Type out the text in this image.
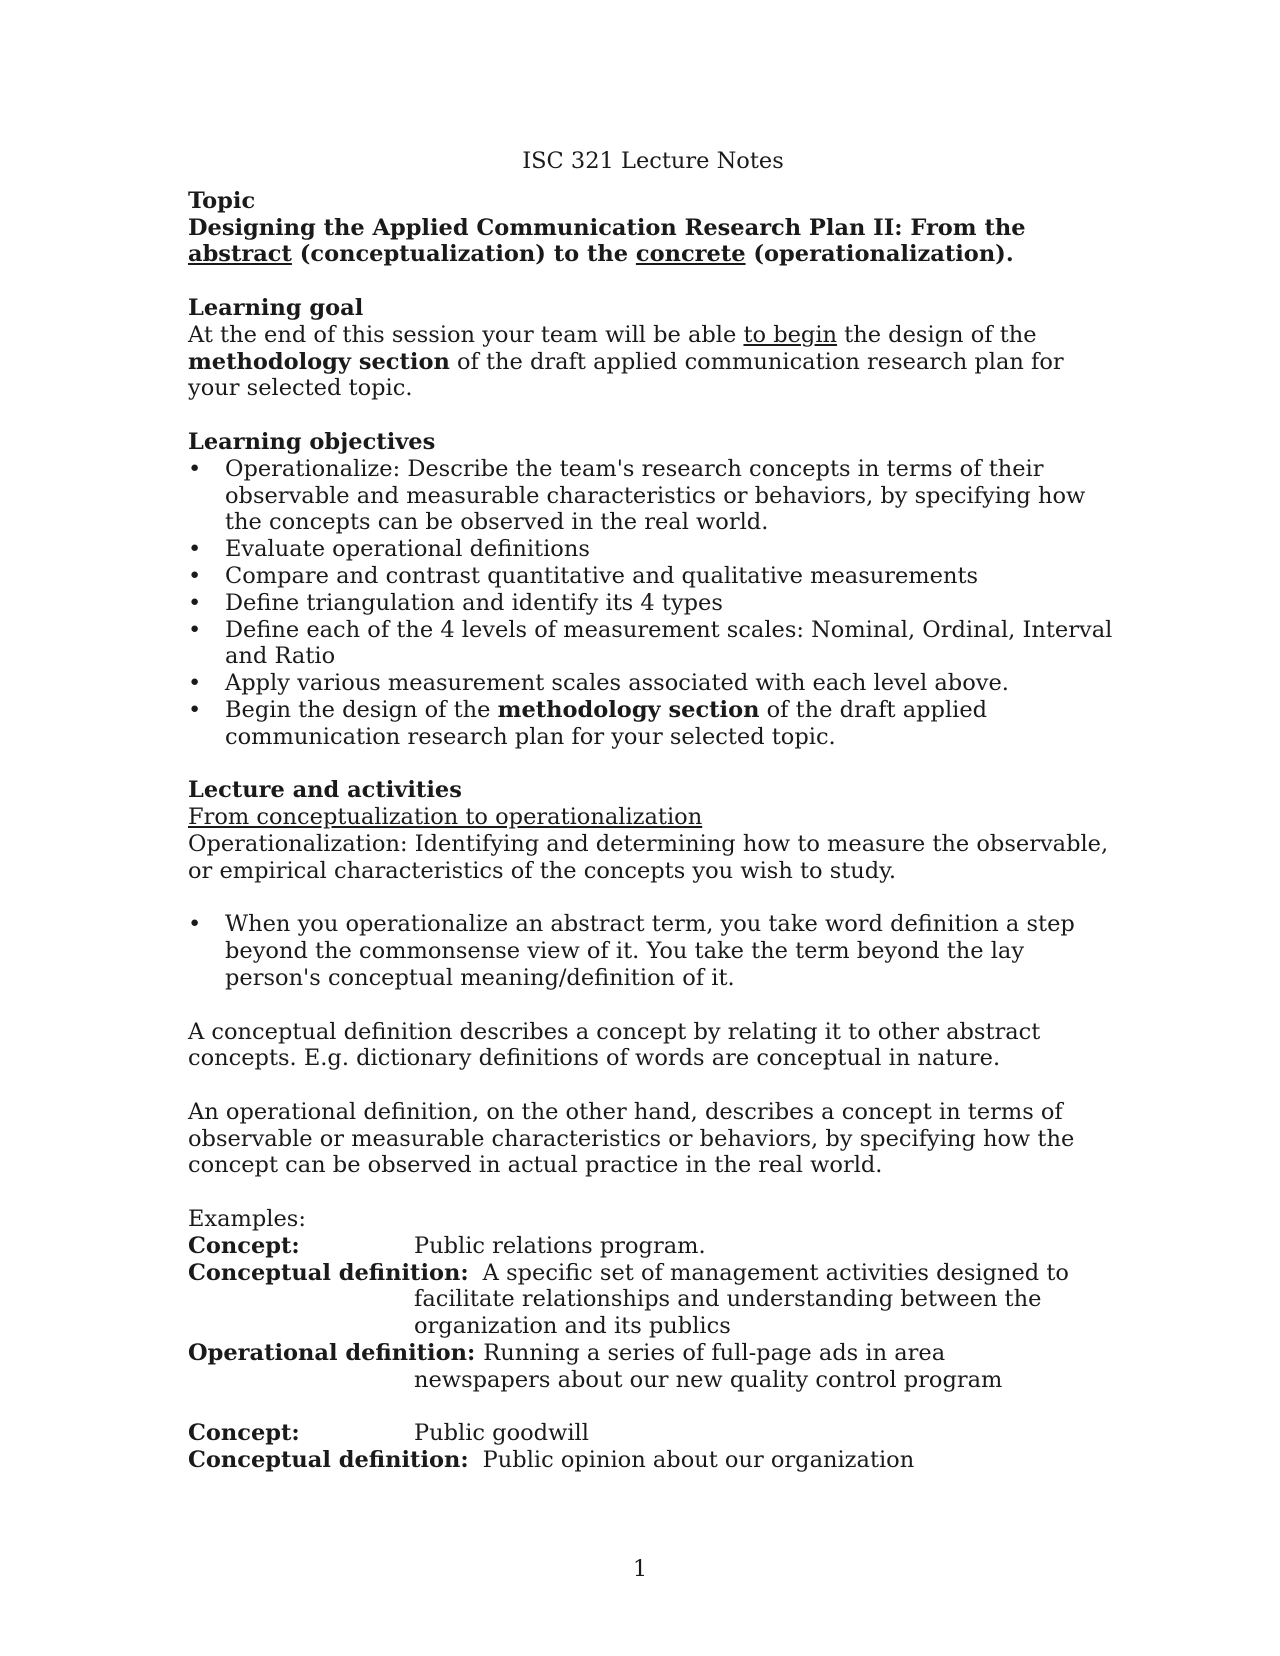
ISC 321 Lecture Notes

Topic

Designing the Applied Communication Research Plan II: From the
abstract (conceptualization) to the concrete (operationalization).

Learning goal

At the end of this session your team will be able to begin the design of the
methodology section of the draft applied communication research plan for your selected topic.

Learning objectives

• Operationalize: Describe the team's research concepts in terms of their observable and measurable characteristics or behaviors, by specifying how the concepts can be observed in the real world.
• Evaluate operational definitions
• Compare and contrast quantitative and qualitative measurements
• Define triangulation and identify its 4 types
• Define each of the 4 levels of measurement scales: Nominal, Ordinal, Interval and Ratio
• Apply various measurement scales associated with each level above.
• Begin the design of the methodology section of the draft applied communication research plan for your selected topic.

Lecture and activities

From conceptualization to operationalization

Operationalization: Identifying and determining how to measure the observable, or empirical characteristics of the concepts you wish to study.

• When you operationalize an abstract term, you take word definition a step beyond the commonsense view of it. You take the term beyond the lay person's conceptual meaning/definition of it.

A conceptual definition describes a concept by relating it to other abstract concepts. E.g. dictionary definitions of words are conceptual in nature.

An operational definition, on the other hand, describes a concept in terms of observable or measurable characteristics or behaviors, by specifying how the concept can be observed in actual practice in the real world.

Examples:

Concept:	Public relations program.
Conceptual definition: A specific set of management activities designed to

facilitate relationships and understanding between the

organization and its publics

Operational definition: Running a series of full-page ads in area

newspapers about our new quality control program

Concept:	Public goodwill
Conceptual definition: Public opinion about our organization
1
